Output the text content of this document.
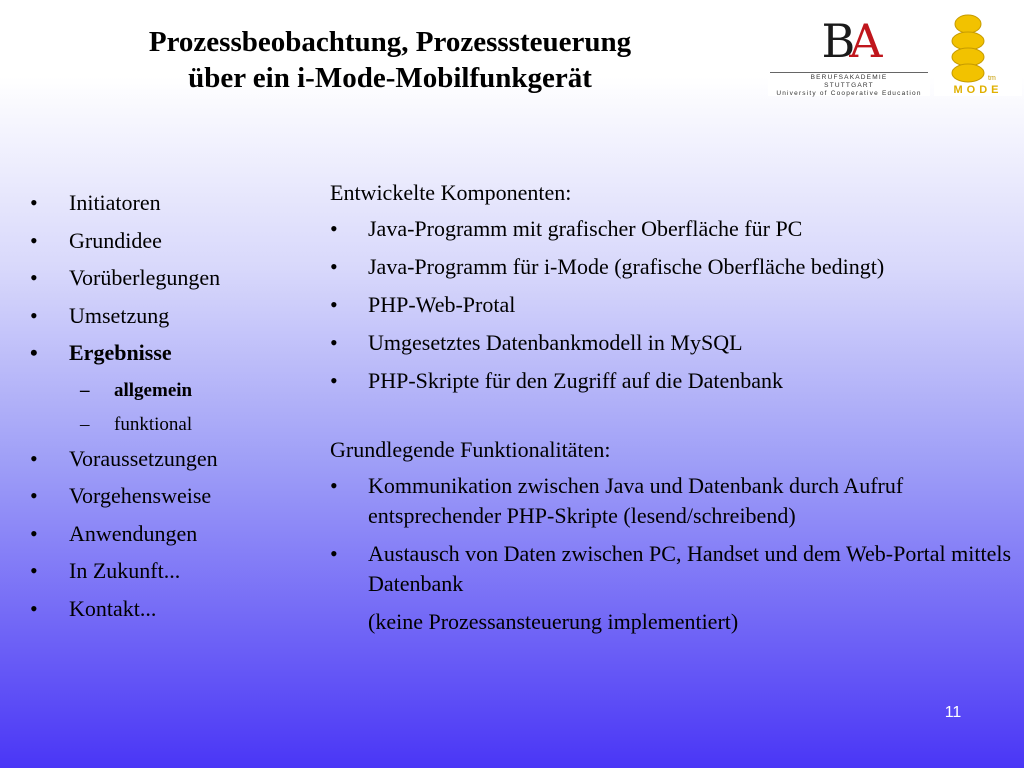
Prozessbeobachtung, Prozesssteuerung
über ein i-Mode-Mobilfunkgerät
BA
BERUFSAKADEMIE
STUTTGART
University of Cooperative Education
tm
MODE
• Initiatoren
• Grundidee
• Vorüberlegungen
• Umsetzung
• Ergebnisse
– allgemein
– funktional
• Voraussetzungen
• Vorgehensweise
• Anwendungen
• In Zukunft...
• Kontakt...
Entwickelte Komponenten:
• Java-Programm mit grafischer Oberfläche für PC
• Java-Programm für i-Mode (grafische Oberfläche bedingt)
• PHP-Web-Protal
• Umgesetztes Datenbankmodell in MySQL
• PHP-Skripte für den Zugriff auf die Datenbank
Grundlegende Funktionalitäten:
• Kommunikation zwischen Java und Datenbank durch Aufruf entsprechender PHP-Skripte (lesend/schreibend)
• Austausch von Daten zwischen PC, Handset und dem Web-Portal mittels Datenbank
(keine Prozessansteuerung implementiert)
11
